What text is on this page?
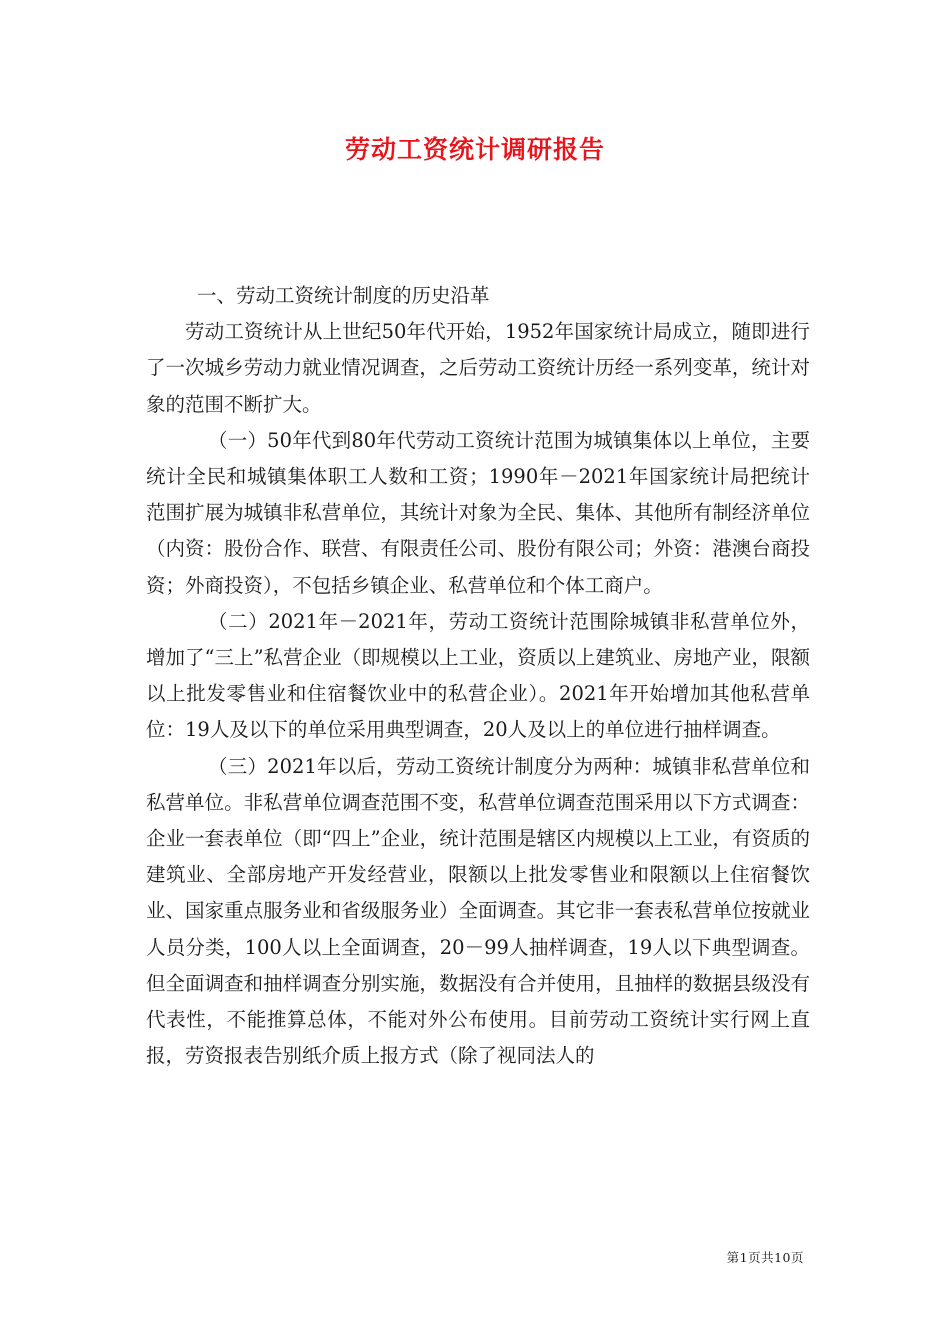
劳动工资统计调研报告

一、劳动工资统计制度的历史沿革

劳动工资统计从上世纪50年代开始，1952年国家统计局成立，随即进行了一次城乡劳动力就业情况调查，之后劳动工资统计历经一系列变革，统计对象的范围不断扩大。

（一）50年代到80年代劳动工资统计范围为城镇集体以上单位，主要统计全民和城镇集体职工人数和工资；1990年－2021年国家统计局把统计范围扩展为城镇非私营单位，其统计对象为全民、集体、其他所有制经济单位（内资：股份合作、联营、有限责任公司、股份有限公司；外资：港澳台商投资；外商投资），不包括乡镇企业、私营单位和个体工商户。

（二）2021年－2021年，劳动工资统计范围除城镇非私营单位外，增加了“三上”私营企业（即规模以上工业，资质以上建筑业、房地产业，限额以上批发零售业和住宿餐饮业中的私营企业）。2021年开始增加其他私营单位：19人及以下的单位采用典型调查，20人及以上的单位进行抽样调查。

（三）2021年以后，劳动工资统计制度分为两种：城镇非私营单位和私营单位。非私营单位调查范围不变，私营单位调查范围采用以下方式调查：企业一套表单位（即“四上”企业，统计范围是辖区内规模以上工业，有资质的建筑业、全部房地产开发经营业，限额以上批发零售业和限额以上住宿餐饮业、国家重点服务业和省级服务业）全面调查。其它非一套表私营单位按就业人员分类，100人以上全面调查，20－99人抽样调查，19人以下典型调查。但全面调查和抽样调查分别实施，数据没有合并使用，且抽样的数据县级没有代表性，不能推算总体，不能对外公布使用。目前劳动工资统计实行网上直报，劳资报表告别纸介质上报方式（除了视同法人的

第1页共10页
